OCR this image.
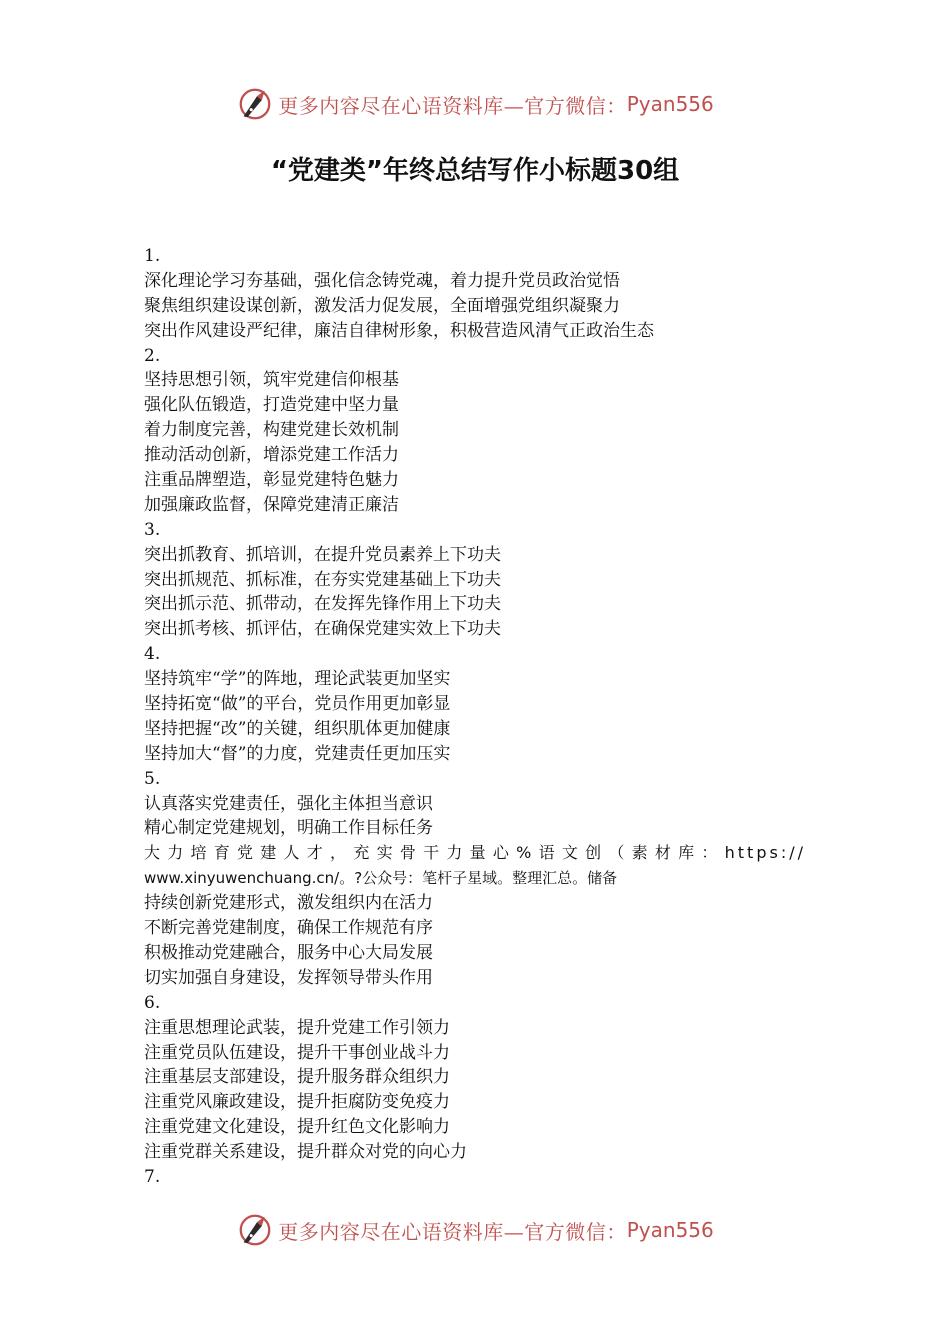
更多内容尽在心语资料库—官方微信： Pyan556
“党建类”年终总结写作小标题30组
1.
深化理论学习夯基础，强化信念铸党魂，着力提升党员政治觉悟
聚焦组织建设谋创新，激发活力促发展，全面增强党组织凝聚力
突出作风建设严纪律，廉洁自律树形象，积极营造风清气正政治生态
2.
坚持思想引领，筑牢党建信仰根基
强化队伍锻造，打造党建中坚力量
着力制度完善，构建党建长效机制
推动活动创新，增添党建工作活力
注重品牌塑造，彰显党建特色魅力
加强廉政监督，保障党建清正廉洁
3.
突出抓教育、抓培训，在提升党员素养上下功夫
突出抓规范、抓标准，在夯实党建基础上下功夫
突出抓示范、抓带动，在发挥先锋作用上下功夫
突出抓考核、抓评估，在确保党建实效上下功夫
4.
坚持筑牢“学”的阵地，理论武装更加坚实
坚持拓宽“做”的平台，党员作用更加彰显
坚持把握“改”的关键，组织肌体更加健康
坚持加大“督”的力度，党建责任更加压实
5.
认真落实党建责任，强化主体担当意识
精心制定党建规划，明确工作目标任务
大力培育党建人才，充实骨干力量心%语文创（素材库：https://
www.xinyuwenchuang.cn/。?公众号：笔杆子星域。整理汇总。储备
持续创新党建形式，激发组织内在活力
不断完善党建制度，确保工作规范有序
积极推动党建融合，服务中心大局发展
切实加强自身建设，发挥领导带头作用
6.
注重思想理论武装，提升党建工作引领力
注重党员队伍建设，提升干事创业战斗力
注重基层支部建设，提升服务群众组织力
注重党风廉政建设，提升拒腐防变免疫力
注重党建文化建设，提升红色文化影响力
注重党群关系建设，提升群众对党的向心力
7.
更多内容尽在心语资料库—官方微信： Pyan556
